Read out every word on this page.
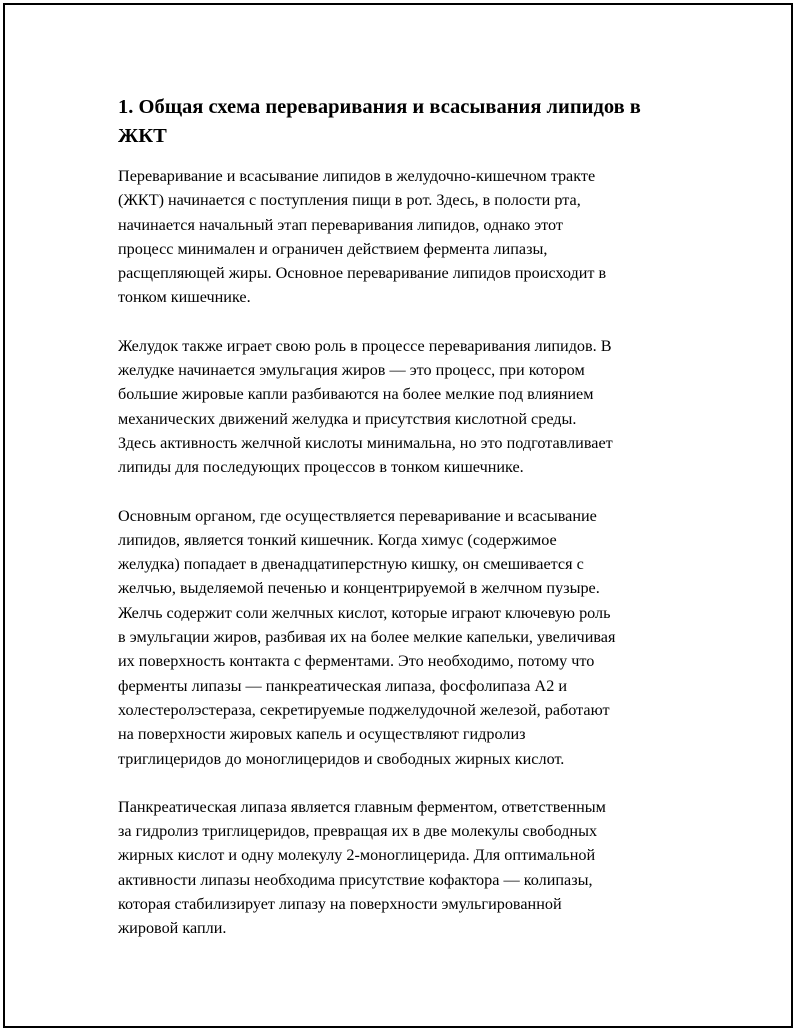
1. Общая схема переваривания и всасывания липидов в
ЖКТ

Переваривание и всасывание липидов в желудочно-кишечном тракте
(ЖКТ) начинается с поступления пищи в рот. Здесь, в полости рта,
начинается начальный этап переваривания липидов, однако этот
процесс минимален и ограничен действием фермента липазы,
расщепляющей жиры. Основное переваривание липидов происходит в
тонком кишечнике.

Желудок также играет свою роль в процессе переваривания липидов. В
желудке начинается эмульгация жиров — это процесс, при котором
большие жировые капли разбиваются на более мелкие под влиянием
механических движений желудка и присутствия кислотной среды.
Здесь активность желчной кислоты минимальна, но это подготавливает
липиды для последующих процессов в тонком кишечнике.

Основным органом, где осуществляется переваривание и всасывание
липидов, является тонкий кишечник. Когда химус (содержимое
желудка) попадает в двенадцатиперстную кишку, он смешивается с
желчью, выделяемой печенью и концентрируемой в желчном пузыре.
Желчь содержит соли желчных кислот, которые играют ключевую роль
в эмульгации жиров, разбивая их на более мелкие капельки, увеличивая
их поверхность контакта с ферментами. Это необходимо, потому что
ферменты липазы — панкреатическая липаза, фосфолипаза А2 и
холестеролэстераза, секретируемые поджелудочной железой, работают
на поверхности жировых капель и осуществляют гидролиз
триглицеридов до моноглицеридов и свободных жирных кислот.

Панкреатическая липаза является главным ферментом, ответственным
за гидролиз триглицеридов, превращая их в две молекулы свободных
жирных кислот и одну молекулу 2-моноглицерида. Для оптимальной
активности липазы необходима присутствие кофактора — колипазы,
которая стабилизирует липазу на поверхности эмульгированной
жировой капли.
